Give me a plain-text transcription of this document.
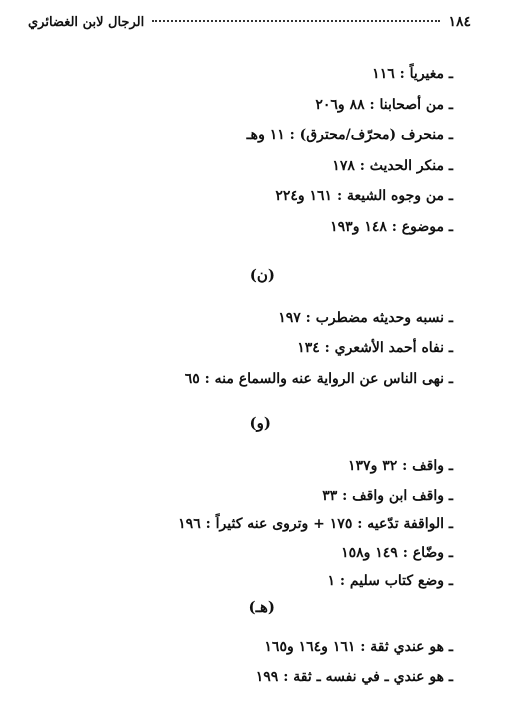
١٨٤
الرجال لابن الغضائري
ـ مغيرياً : ١١٦
ـ من أصحابنا : ٨٨ و٢٠٦
ـ منحرف (محرّف/محترق) : ١١ وهـ
ـ منكر الحديث : ١٧٨
ـ من وجوه الشيعة : ١٦١ و٢٢٤
ـ موضوع : ١٤٨ و١٩٣
(ن)
ـ نسبه وحديثه مضطرب : ١٩٧
ـ نفاه أحمد الأشعري : ١٣٤
ـ نهى الناس عن الرواية عنه والسماع منه : ٦٥
(و)
ـ واقف : ٣٢ و١٣٧
ـ واقف ابن واقف : ٣٣
ـ الواقفة تدّعيه : ١٧٥ + وتروى عنه كثيراً : ١٩٦
ـ وضّاع : ١٤٩ و١٥٨
ـ وضع كتاب سليم : ١
(هـ)
ـ هو عندي ثقة : ١٦١ و١٦٤ و١٦٥
ـ هو عندي ـ في نفسه ـ ثقة : ١٩٩
